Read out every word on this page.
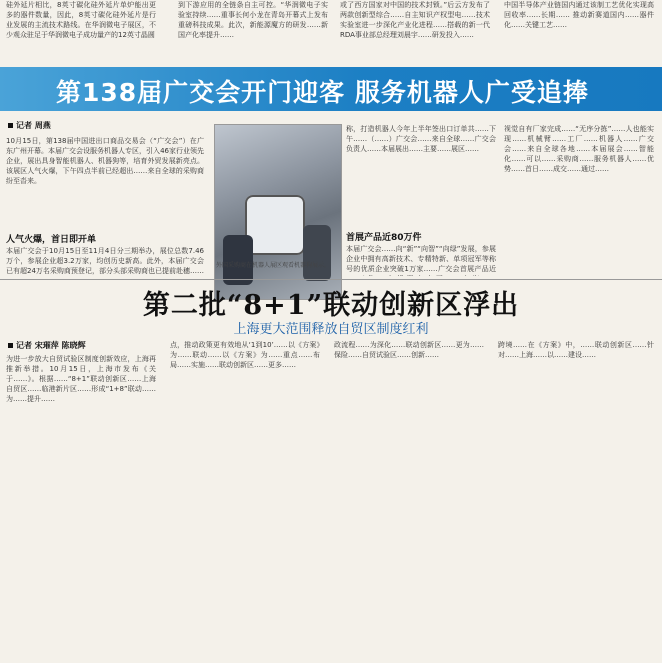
硅外延片相比，8英寸碳化硅外延片单炉能出更多的器件数量，因此，8英寸碳化硅外延片是行业发展的主流技术路线。在华润微电子展区，不少观众驻足于华润微电子成功量产的12英寸晶圆
到下游应用的全链条自主可控。“华润微电子实验室持续……重事长何小龙在青岛开幕式上发布重磅科技成果。此次，新能源魔方的研发……新国产化率提升……
或了西方国家对中国的技术封锁。”后云方发布了两款创新型综合……自主知识产权型电……技术实验室进一步深化产业化进程……搭载的新一代RDA事业部总经理刘晨宇……研发投入……
中国半导体产业链国内通过该制工艺优化实现高回收率……长期…… 推动新赛道国内……器件化……关键工艺……
第138届广交会开门迎客 服务机器人广受追捧
记者 周燕
10月15日，第138届中国进出口商品交易会（“广交会”）在广东广州开幕。本届广交会设服务机器人专区，引入46家行业领先企业，展出具身智能机器人、机器狗等，培育外贸发展新亮点。该展区人气火爆，下午四点半前已经超出……来自全球的采购商纷至沓来。
人气火爆，首日即开单
本届广交会于10月15日至11月4日分三期举办，展位总数7.46万个，参展企业超3.2万家，均创历史新高。此外，本届广交会已有超24万名采购商预登记，部分头部采购商也已提前赴穗……
外国采购商在机器人展区观看机器狗展示。
称，打造机器人今年上半年签出口订单共……下午……（……）广交会……来自全球……广交会负责人……本届展出……主要……展区……
首展产品近80万件
本届广交会……向“新”“向智”“向绿”发展，参展企业中拥有高新技术、专精特新、单项冠军等称号的优质企业突破1万家……广交会首展产品近
视觉自有厂家完成……“无序分拣”……人也能实现……机械臂……工厂……机器人……广交会……来自全球各地……本届展会……智能化……可以……采购商……服务机器人……优势……首日……成交……通过……
第二批“8+1”联动创新区浮出
上海更大范围释放自贸区制度红利
记者 宋璀萍 陈晓辉
为进一步放大自贸试验区制度创新效应，上海再推新举措。10月15日，上海市发布《关于……》。根据……“8+1”联动创新区……上海自贸区……临港新片区……形成“1+8”联动……为……提升……
点，推动政策更有效地从‘1到10’……以《方案》为……联动……以《方案》为……重点……布局……实施……联动创新区……更多……
政流程……为深化……联动创新区……更为……保险……自贸试验区……创新……
跨境……在《方案》中，……联动创新区……针对……上海……以……建设……
